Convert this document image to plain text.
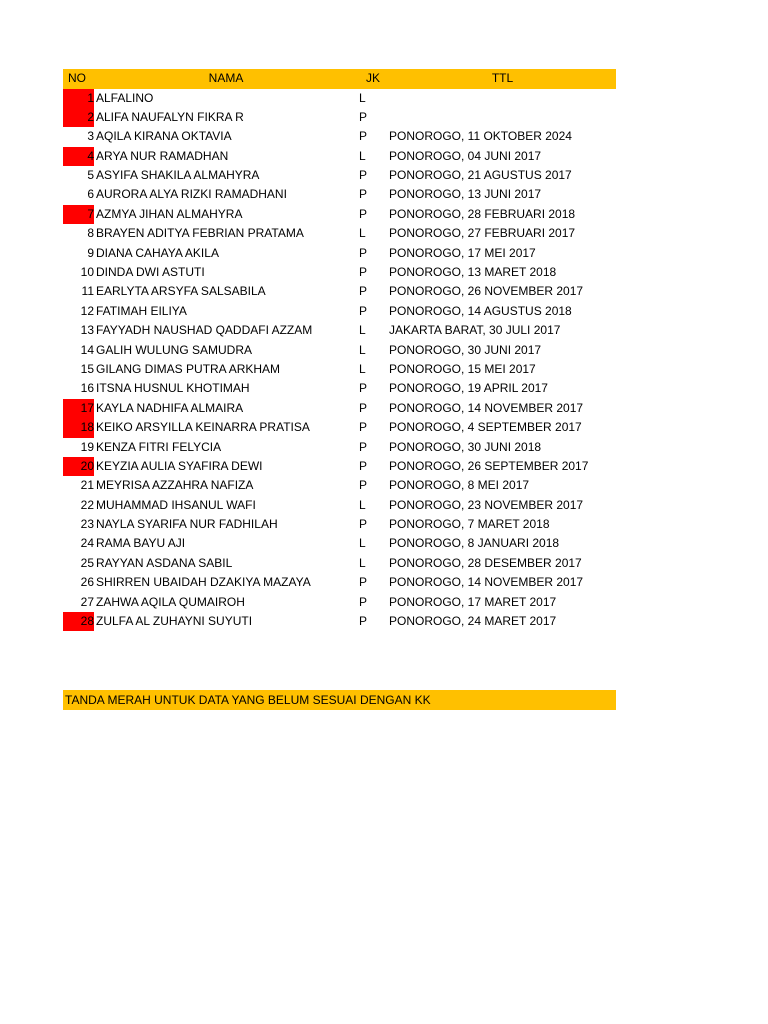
NO	NAMA	JK	TTL
1 ALFALINO	L
2 ALIFA NAUFALYN FIKRA R	P
3 AQILA KIRANA OKTAVIA	P	PONOROGO, 11 OKTOBER 2024
4 ARYA NUR RAMADHAN	L	PONOROGO, 04 JUNI 2017
5 ASYIFA SHAKILA ALMAHYRA	P	PONOROGO, 21 AGUSTUS 2017
6 AURORA ALYA RIZKI RAMADHANI	P	PONOROGO, 13 JUNI 2017
7 AZMYA JIHAN ALMAHYRA	P	PONOROGO, 28 FEBRUARI 2018
8 BRAYEN ADITYA FEBRIAN PRATAMA	L	PONOROGO, 27 FEBRUARI 2017
9 DIANA CAHAYA AKILA	P	PONOROGO, 17 MEI 2017
10 DINDA DWI ASTUTI	P	PONOROGO, 13 MARET 2018
11 EARLYTA ARSYFA SALSABILA	P	PONOROGO, 26 NOVEMBER 2017
12 FATIMAH EILIYA	P	PONOROGO, 14 AGUSTUS 2018
13 FAYYADH NAUSHAD QADDAFI AZZAM	L	JAKARTA BARAT, 30 JULI 2017
14 GALIH WULUNG SAMUDRA	L	PONOROGO, 30 JUNI 2017
15 GILANG DIMAS PUTRA ARKHAM	L	PONOROGO, 15 MEI 2017
16 ITSNA HUSNUL KHOTIMAH	P	PONOROGO, 19 APRIL 2017
17 KAYLA NADHIFA ALMAIRA	P	PONOROGO, 14 NOVEMBER 2017
18 KEIKO ARSYILLA KEINARRA PRATISA	P	PONOROGO, 4 SEPTEMBER 2017
19 KENZA FITRI FELYCIA	P	PONOROGO, 30 JUNI 2018
20 KEYZIA AULIA SYAFIRA DEWI	P	PONOROGO, 26 SEPTEMBER 2017
21 MEYRISA AZZAHRA NAFIZA	P	PONOROGO, 8 MEI 2017
22 MUHAMMAD IHSANUL WAFI	L	PONOROGO, 23 NOVEMBER 2017
23 NAYLA SYARIFA NUR FADHILAH	P	PONOROGO, 7 MARET 2018
24 RAMA BAYU AJI	L	PONOROGO, 8 JANUARI 2018
25 RAYYAN ASDANA SABIL	L	PONOROGO, 28 DESEMBER 2017
26 SHIRREN UBAIDAH DZAKIYA MAZAYA	P	PONOROGO, 14 NOVEMBER 2017
27 ZAHWA AQILA QUMAIROH	P	PONOROGO, 17 MARET 2017
28 ZULFA AL ZUHAYNI SUYUTI	P	PONOROGO, 24 MARET 2017
TANDA MERAH UNTUK DATA YANG BELUM SESUAI DENGAN KK
